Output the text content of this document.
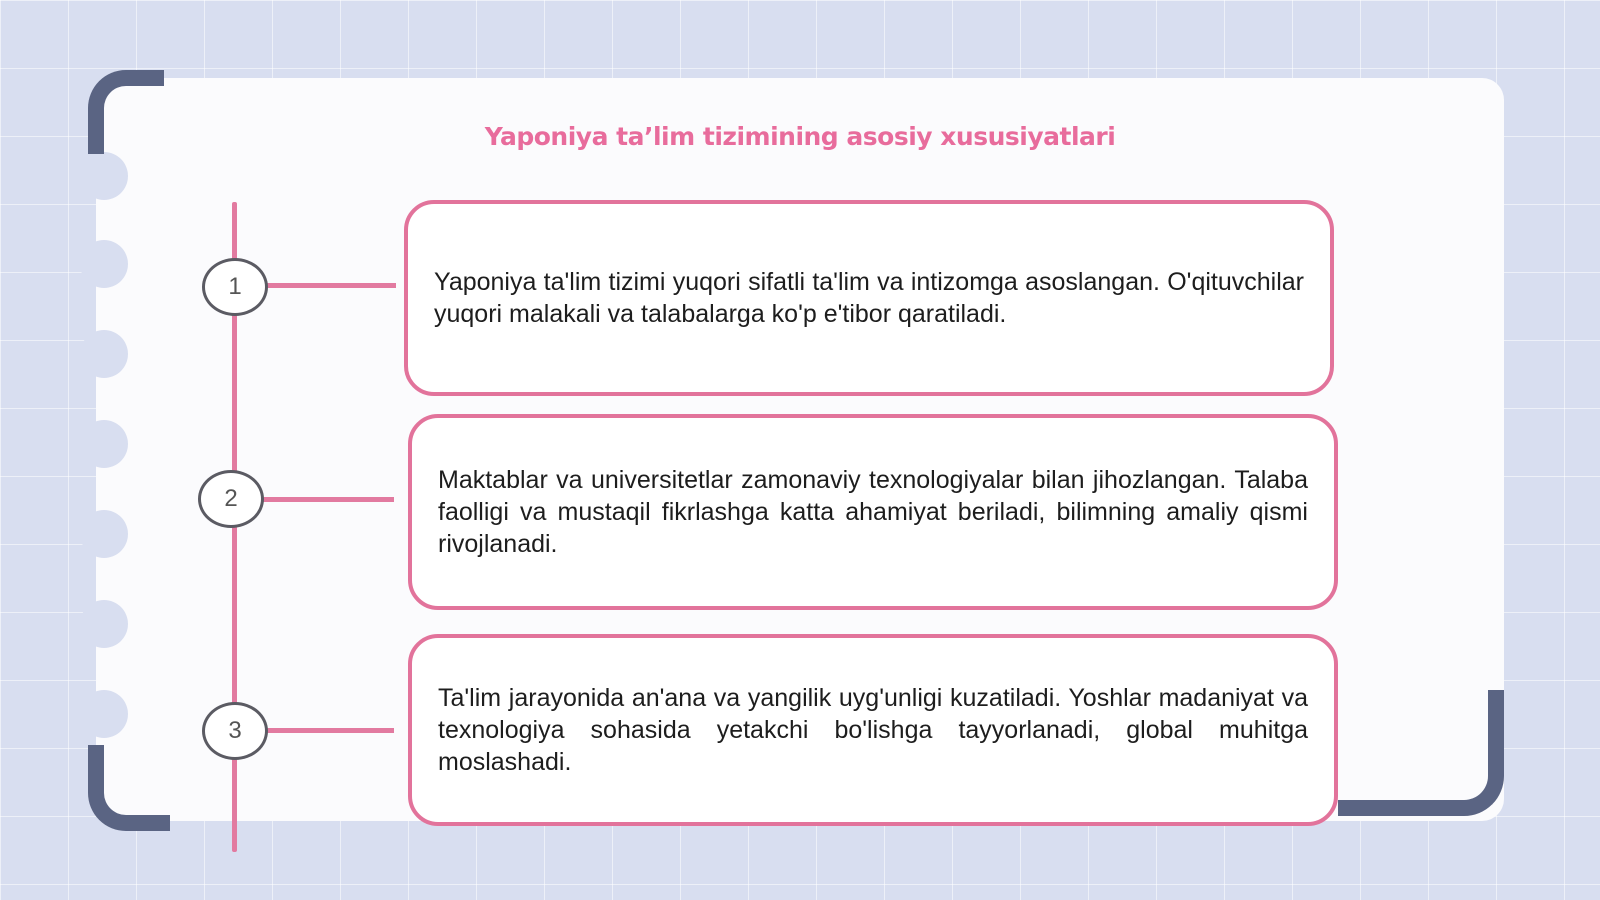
Yaponiya ta’lim tizimining asosiy xususiyatlari
1	Yaponiya ta'lim tizimi yuqori sifatli ta'lim va intizomga asoslangan. O'qituvchilar yuqori malakali va talabalarga ko'p e'tibor qaratiladi.
2
Maktablar va universitetlar zamonaviy texnologiyalar bilan jihozlangan. Talaba faolligi va mustaqil fikrlashga katta ahamiyat beriladi, bilimning amaliy qismi rivojlanadi.
3
Ta'lim jarayonida an'ana va yangilik uyg'unligi kuzatiladi. Yoshlar madaniyat va texnologiya sohasida yetakchi bo'lishga tayyorlanadi, global muhitga moslashadi.
